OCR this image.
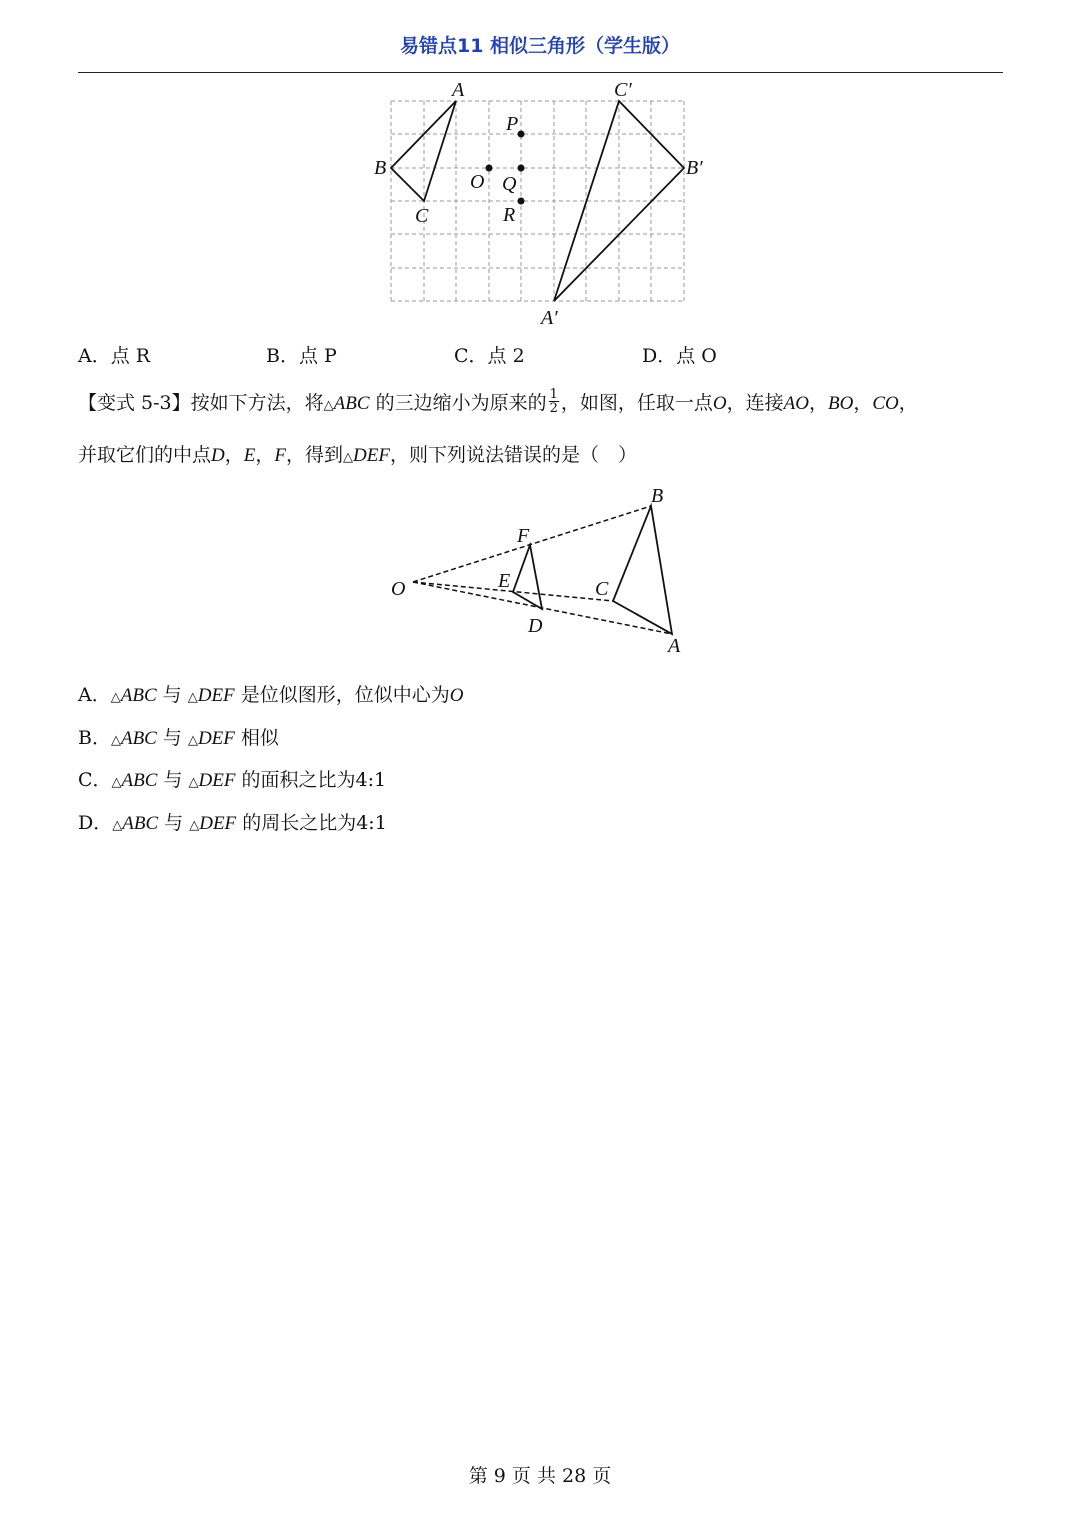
易错点11 相似三角形（学生版）
A
B
C
C′
B′
A′
P
O Q
R
A．点 R	B．点 P	C．点 2	D．点 O
【变式 5-3】按如下方法，将△ABC 的三边缩小为原来的 $\frac{1}{2}$ ，如图，任取一点O，连接AO，BO，CO，
并取它们的中点D，E，F，得到△DEF，则下列说法错误的是（　）
O
F
E
D
C
B
A
A．△ABC 与 △DEF 是位似图形，位似中心为O
B．△ABC 与 △DEF 相似
C．△ABC 与 △DEF 的面积之比为4:1
D．△ABC 与 △DEF 的周长之比为4:1
第 9 页 共 28 页
